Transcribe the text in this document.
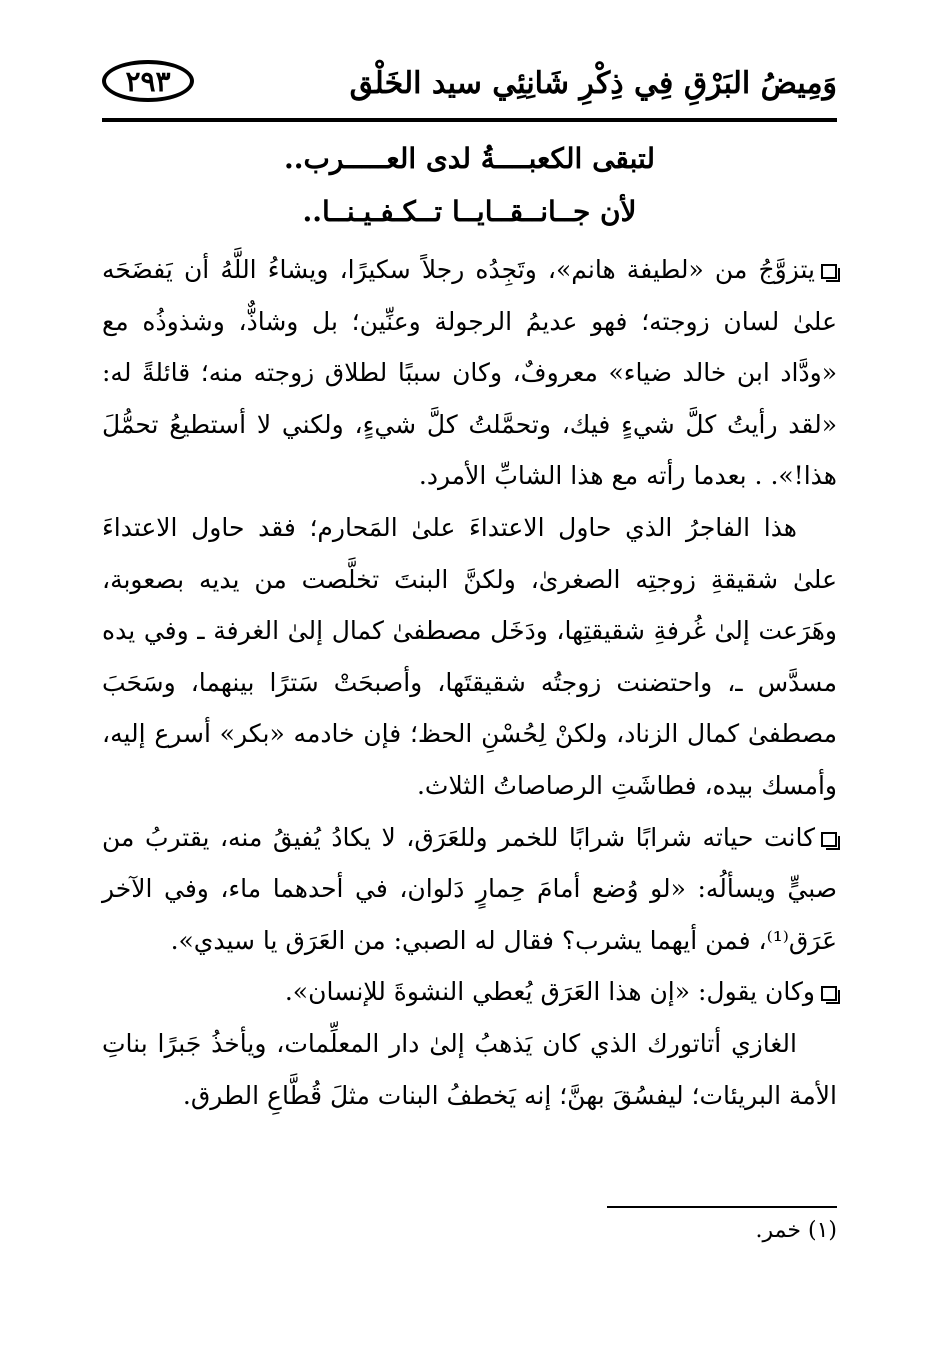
وَمِيضُ البَرْقِ فِي ذِكْرِ شَانِئِي سيد الخَلْق
٢٩٣
لتبقى الكعبــــةُ لدى العـــــرب..
لأن جــانــقــايــا تــكـفـيـنــا..

يتزوَّجُ من «لطيفة هانم»، وتَجِدُه رجلاً سكيرًا، ويشاءُ اللَّهُ أن يَفضَحَه علىٰ لسان زوجته؛ فهو عديمُ الرجولة وعنِّين؛ بل وشاذٌّ، وشذوذُه مع «ودَّاد ابن خالد ضياء» معروفٌ، وكان سببًا لطلاق زوجته منه؛ قائلةً له: «لقد رأيتُ كلَّ شيءٍ فيك، وتحمَّلتُ كلَّ شيءٍ، ولكني لا أستطيعُ تحمُّلَ هذا!». . بعدما رأته مع هذا الشابِّ الأمرد.

هذا الفاجرُ الذي حاول الاعتداءَ علىٰ المَحارم؛ فقد حاول الاعتداءَ علىٰ شقيقةِ زوجتِه الصغرىٰ، ولكنَّ البنتَ تخلَّصت من يديه بصعوبة، وهَرَعت إلىٰ غُرفةِ شقيقتِها، ودَخَل مصطفىٰ كمال إلىٰ الغرفة ـ وفي يده مسدَّس ـ، واحتضنت زوجتُه شقيقتَها، وأصبحَتْ سَترًا بينهما، وسَحَبَ مصطفىٰ كمال الزناد، ولكنْ لِحُسْنِ الحظ؛ فإن خادمه «بكر» أسرع إليه، وأمسك بيده، فطاشَتِ الرصاصاتُ الثلاث.

كانت حياته شرابًا شرابًا للخمر وللعَرَق، لا يكادُ يُفيقُ منه، يقتربُ من صبيٍّ ويسألُه: «لو وُضع أمامَ حِمارٍ دَلوان، في أحدهما ماء، وفي الآخر عَرَق⁽¹⁾، فمن أيهما يشرب؟ فقال له الصبي: من العَرَق يا سيدي».

وكان يقول: «إن هذا العَرَق يُعطي النشوةَ للإنسان».

الغازي أتاتورك الذي كان يَذهبُ إلىٰ دار المعلِّمات، ويأخذُ جَبرًا بناتِ الأمة البريئات؛ ليفسُقَ بهنَّ؛ إنه يَخطفُ البنات مثلَ قُطَّاعِ الطرق.

(١) خمر.
